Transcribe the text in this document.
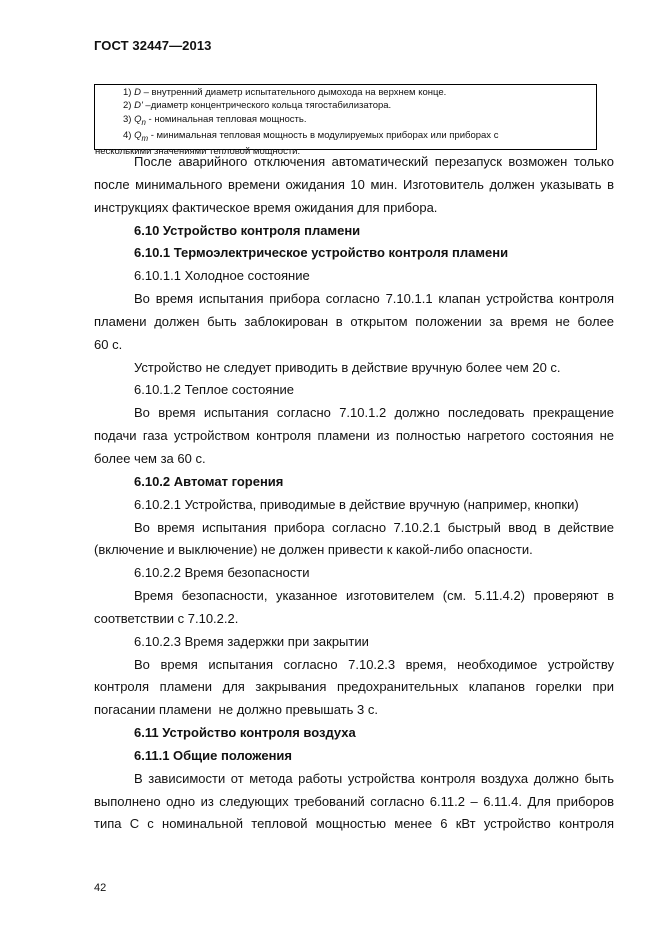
ГОСТ 32447—2013
1) D – внутренний диаметр испытательного дымохода на верхнем конце.
2) D' –диаметр концентрического кольца тягостабилизатора.
3) $Q_n$ - номинальная тепловая мощность.
4) $Q_m$ - минимальная тепловая мощность в модулируемых приборах или приборах с
несколькими значениями тепловой мощности.

После аварийного отключения автоматический перезапуск возможен только

после минимального времени ожидания 10 мин. Изготовитель должен указывать в

инструкциях фактическое время ожидания для прибора.

6.10 Устройство контроля пламени

6.10.1 Термоэлектрическое устройство контроля пламени

6.10.1.1 Холодное состояние

Во время испытания прибора согласно 7.10.1.1 клапан устройства контроля

пламени должен быть заблокирован в открытом положении за время не более

60 с.

Устройство не следует приводить в действие вручную более чем 20 с.

6.10.1.2 Теплое состояние

Во время испытания согласно 7.10.1.2 должно последовать прекращение

подачи газа устройством контроля пламени из полностью нагретого состояния не

более чем за 60 с.

6.10.2 Автомат горения

6.10.2.1 Устройства, приводимые в действие вручную (например, кнопки)

Во время испытания прибора согласно 7.10.2.1 быстрый ввод в действие

(включение и выключение) не должен привести к какой-либо опасности.

6.10.2.2 Время безопасности

Время безопасности, указанное изготовителем (см. 5.11.4.2) проверяют в

соответствии с 7.10.2.2.

6.10.2.3 Время задержки при закрытии

Во время испытания согласно 7.10.2.3 время, необходимое устройству

контроля пламени для закрывания предохранительных клапанов горелки при

погасании пламени  не должно превышать 3 с.

6.11 Устройство контроля воздуха

6.11.1 Общие положения

В зависимости от метода работы устройства контроля воздуха должно быть

выполнено одно из следующих требований согласно 6.11.2 – 6.11.4. Для приборов

типа С с номинальной тепловой мощностью менее 6 кВт устройство контроля

42
